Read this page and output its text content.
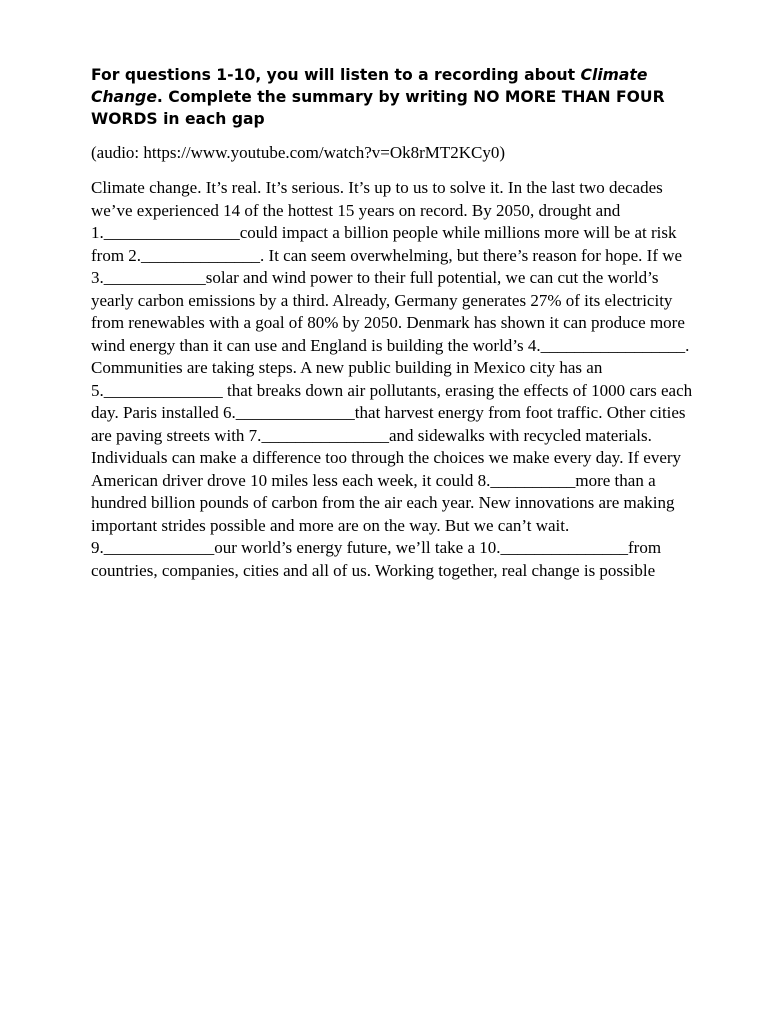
For questions 1-10, you will listen to a recording about Climate Change. Complete the summary by writing NO MORE THAN FOUR WORDS in each gap

(audio: https://www.youtube.com/watch?v=Ok8rMT2KCy0)

Climate change. It’s real. It’s serious. It’s up to us to solve it. In the last two decades we’ve experienced 14 of the hottest 15 years on record. By 2050, drought and 1.________________could impact a billion people while millions more will be at risk from 2.______________. It can seem overwhelming, but there’s reason for hope. If we 3.____________solar and wind power to their full potential, we can cut the world’s yearly carbon emissions by a third. Already, Germany generates 27% of its electricity from renewables with a goal of 80% by 2050. Denmark has shown it can produce more wind energy than it can use and England is building the world’s 4._________________. Communities are taking steps. A new public building in Mexico city has an 5.______________ that breaks down air pollutants, erasing the effects of 1000 cars each day. Paris installed 6.______________that harvest energy from foot traffic. Other cities are paving streets with 7._______________and sidewalks with recycled materials. Individuals can make a difference too through the choices we make every day. If every American driver drove 10 miles less each week, it could 8.__________more than a hundred billion pounds of carbon from the air each year. New innovations are making important strides possible and more are on the way. But we can’t wait. 9._____________our world’s energy future, we’ll take a 10._______________from countries, companies, cities and all of us. Working together, real change is possible
